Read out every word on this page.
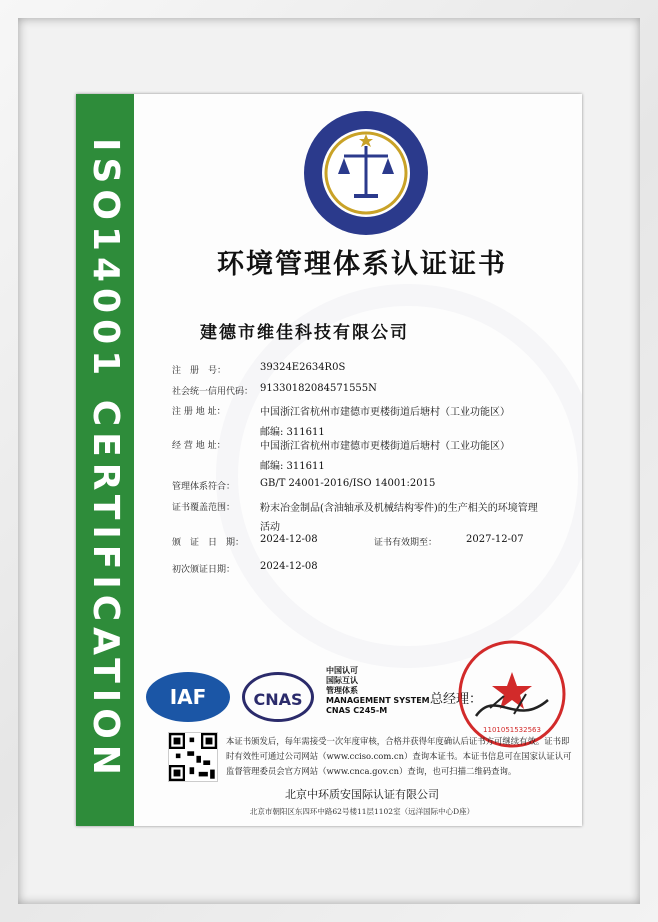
ISO14001 CERTIFICATION	环境管理体系认证证书
建德市维佳科技有限公司
注　册　号：	39324E2634R0S
社会统一信用代码： 91330182084571555N
注 册 地 址：	中国浙江省杭州市建德市更楼街道后塘村（工业功能区）
邮编: 311611
经 营 地 址：	中国浙江省杭州市建德市更楼街道后塘村（工业功能区）
邮编: 311611
管理体系符合： GB/T 24001-2016/ISO 14001:2015
证书覆盖范围： 粉末冶金制品(含油轴承及机械结构零件)的生产相关的环境管理
活动
颁　证　日　期： 2024-12-08	证书有效期至：	2027-12-07
初次颁证日期： 2024-12-08
IAF	CNAS
中国认可
国际互认
管理体系
MANAGEMENT SYSTEM
CNAS C245-M
总经理：
1101051532563
本证书颁发后，每年需接受一次年度审核，合格并获得年度确认后证书方可继续有效。证书即时有效性可通过公司网站（www.cciso.com.cn）查询本证书。本证书信息可在国家认证认可监督管理委员会官方网站（www.cnca.gov.cn）查询，也可扫描二维码查询。
北京中环质安国际认证有限公司
北京市朝阳区东四环中路62号楼11层1102室（远洋国际中心D座）
